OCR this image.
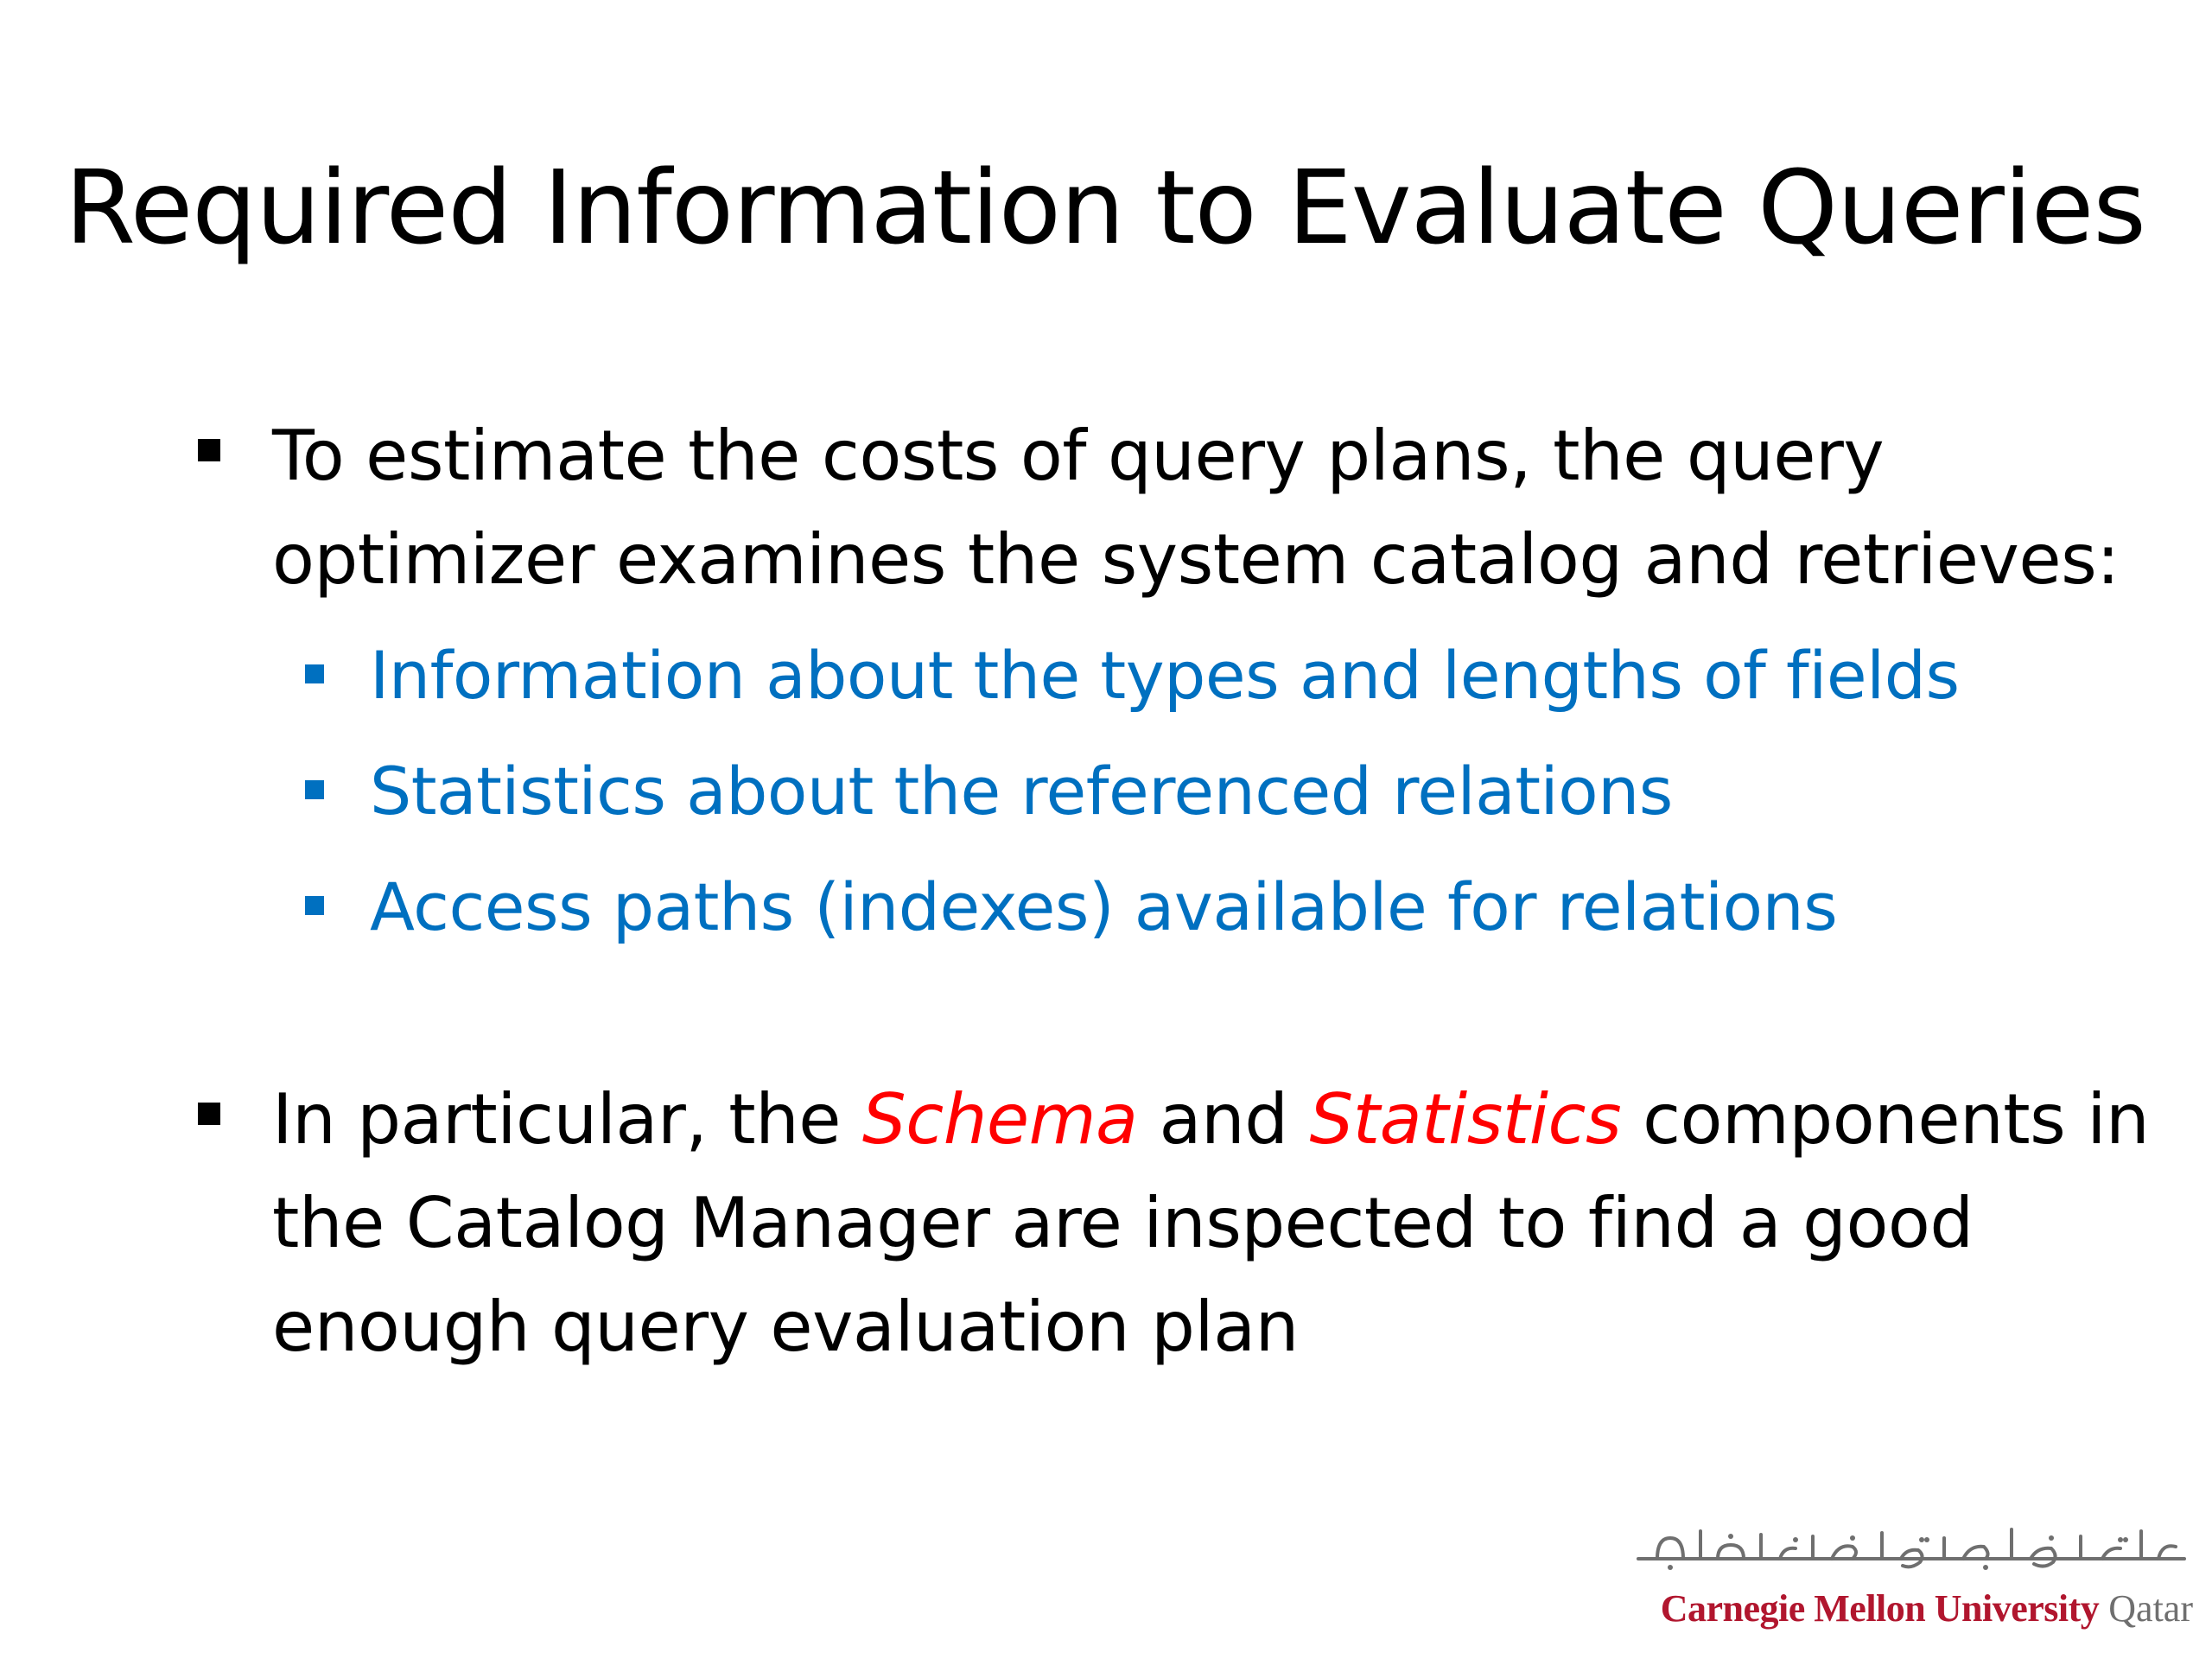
Required Information to Evaluate Queries

To estimate the costs of query plans, the query optimizer examines the system catalog and retrieves:

Information about the types and lengths of fields
Statistics about the referenced relations
Access paths (indexes) available for relations

In particular, the Schema and Statistics components in the Catalog Manager are inspected to find a good enough query evaluation plan

Carnegie Mellon University Qatar
